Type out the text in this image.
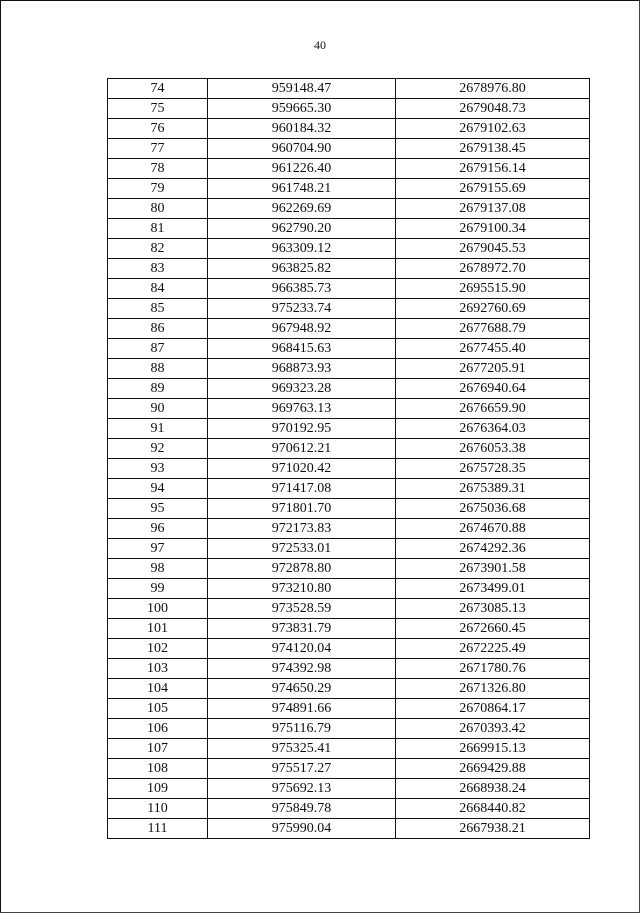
40
74	959148.47	2678976.80
75	959665.30	2679048.73
76	960184.32	2679102.63
77	960704.90	2679138.45
78	961226.40	2679156.14
79	961748.21	2679155.69
80	962269.69	2679137.08
81	962790.20	2679100.34
82	963309.12	2679045.53
83	963825.82	2678972.70
84	966385.73	2695515.90
85	975233.74	2692760.69
86	967948.92	2677688.79
87	968415.63	2677455.40
88	968873.93	2677205.91
89	969323.28	2676940.64
90	969763.13	2676659.90
91	970192.95	2676364.03
92	970612.21	2676053.38
93	971020.42	2675728.35
94	971417.08	2675389.31
95	971801.70	2675036.68
96	972173.83	2674670.88
97	972533.01	2674292.36
98	972878.80	2673901.58
99	973210.80	2673499.01
100	973528.59	2673085.13
101	973831.79	2672660.45
102	974120.04	2672225.49
103	974392.98	2671780.76
104	974650.29	2671326.80
105	974891.66	2670864.17
106	975116.79	2670393.42
107	975325.41	2669915.13
108	975517.27	2669429.88
109	975692.13	2668938.24
110	975849.78	2668440.82
111	975990.04	2667938.21
